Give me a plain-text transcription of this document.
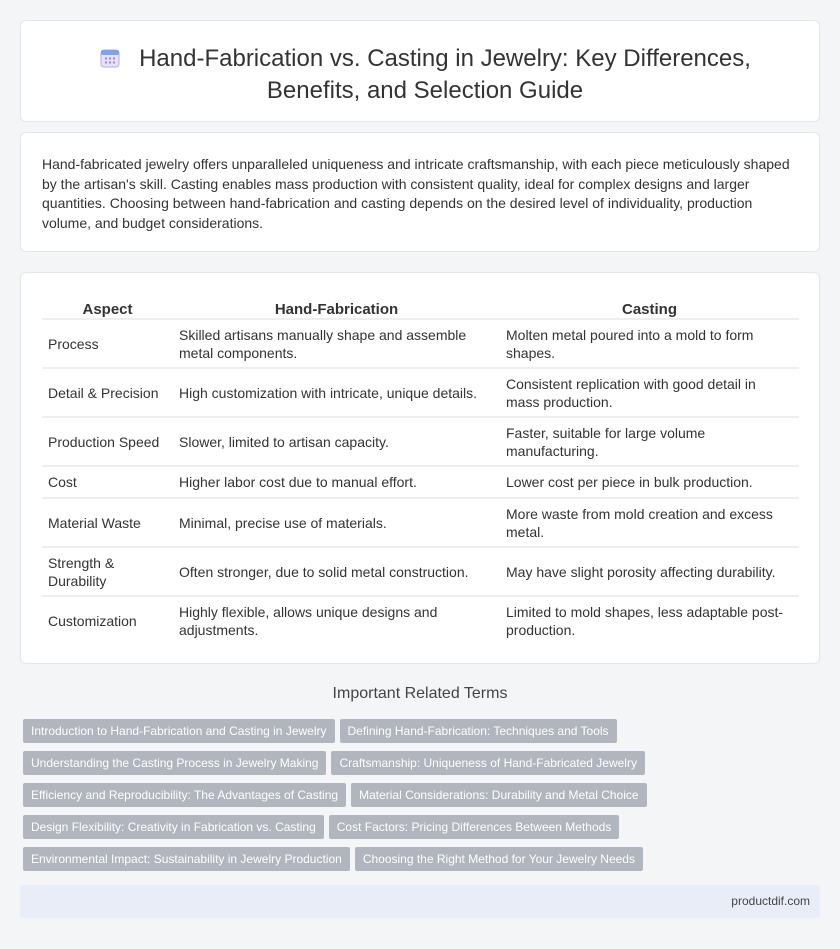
Hand-Fabrication vs. Casting in Jewelry: Key Differences, Benefits, and Selection Guide

Hand-fabricated jewelry offers unparalleled uniqueness and intricate craftsmanship, with each piece meticulously shaped by the artisan's skill. Casting enables mass production with consistent quality, ideal for complex designs and larger quantities. Choosing between hand-fabrication and casting depends on the desired level of individuality, production volume, and budget considerations.

Aspect	Hand-Fabrication	Casting
Process	Skilled artisans manually shape and assemble metal components.	Molten metal poured into a mold to form shapes.
Detail & Precision	High customization with intricate, unique details.	Consistent replication with good detail in mass production.
Production Speed	Slower, limited to artisan capacity.	Faster, suitable for large volume manufacturing.
Cost	Higher labor cost due to manual effort.	Lower cost per piece in bulk production.
Material Waste	Minimal, precise use of materials.	More waste from mold creation and excess metal.
Strength & Durability	Often stronger, due to solid metal construction.	May have slight porosity affecting durability.
Customization	Highly flexible, allows unique designs and adjustments.	Limited to mold shapes, less adaptable post-production.
Important Related Terms
Introduction to Hand-Fabrication and Casting in Jewelry Defining Hand-Fabrication: Techniques and Tools
Understanding the Casting Process in Jewelry Making Craftsmanship: Uniqueness of Hand-Fabricated Jewelry
Efficiency and Reproducibility: The Advantages of Casting Material Considerations: Durability and Metal Choice
Design Flexibility: Creativity in Fabrication vs. Casting Cost Factors: Pricing Differences Between Methods
Environmental Impact: Sustainability in Jewelry Production Choosing the Right Method for Your Jewelry Needs
productdif.com
